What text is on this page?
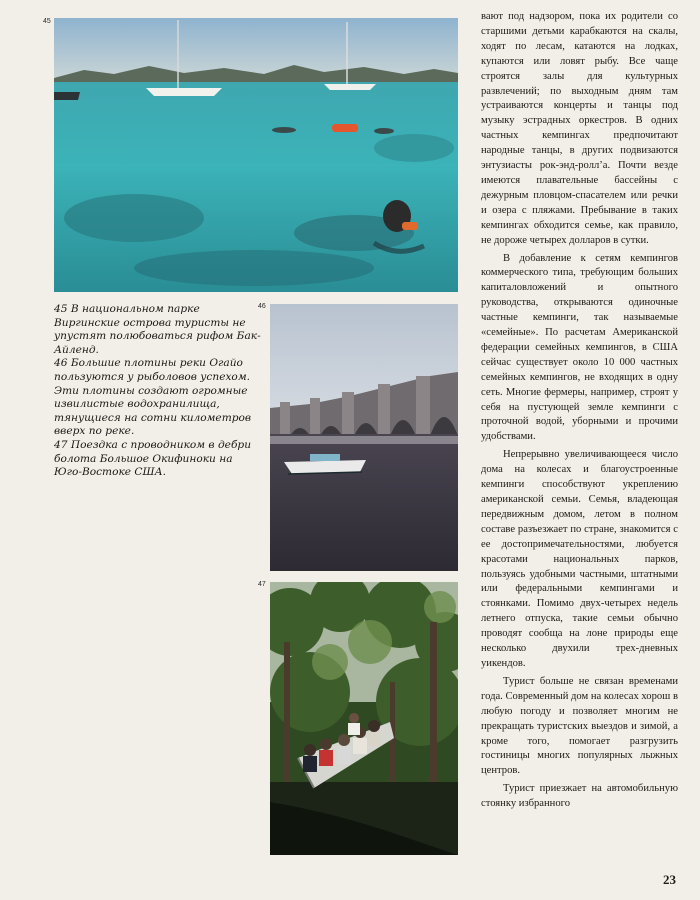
45
46
47

45 В национальном парке Виргинские острова туристы не упустят полюбоваться рифом Бак-Айленд.

46 Большие плотины реки Огайо пользуются у рыболовов успехом. Эти плотины создают огромные извилистые водохранилища, тянущиеся на сотни километров вверх по реке.

47 Поездка с проводником в дебри болота Большое Окифиноки на Юго-Востоке США.

вают под надзором, пока их родители со старшими детьми карабкаются на скалы, ходят по лесам, катаются на лодках, купаются или ловят рыбу. Все чаще строятся залы для культурных развлечений; по выходным дням там устраиваются концерты и танцы под музыку эстрадных оркестров. В одних частных кемпингах предпочитают народные танцы, в других подвизаются энтузиасты рок-энд-ролл’а. Почти везде имеются плавательные бассейны с дежурным пловцом-спасателем или речки и озера с пляжами. Пребывание в таких кемпингах обходится семье, как правило, не дороже четырех долларов в сутки.

В добавление к сетям кемпингов коммерческого типа, требующим больших капиталовложений и опытного руководства, открываются одиночные частные кемпинги, так называемые «семейные». По расчетам Американской федерации семейных кемпингов, в США сейчас существует около 10 000 частных семейных кемпингов, не входящих в одну сеть. Многие фермеры, например, строят у себя на пустующей земле кемпинги с проточной водой, уборными и прочими удобствами.

Непрерывно увеличивающееся число дома на колесах и благоустроенные кемпинги способствуют укреплению американской семьи. Семья, владеющая передвижным домом, летом в полном составе разъезжает по стране, знакомится с ее достопримечательностями, любуется красотами национальных парков, пользуясь удобными частными, штатными или федеральными кемпингами и стоянками. Помимо двух-четырех недель летнего отпуска, такие семьи обычно проводят сообща на лоне природы еще несколько двухили трех-дневных уикендов.

Турист больше не связан временами года. Современный дом на колесах хорош в любую погоду и позволяет многим не прекращать туристских выездов и зимой, а кроме того, помогает разгрузить гостиницы многих популярных лыжных центров.

Турист приезжает на автомобильную стоянку избранного

23
